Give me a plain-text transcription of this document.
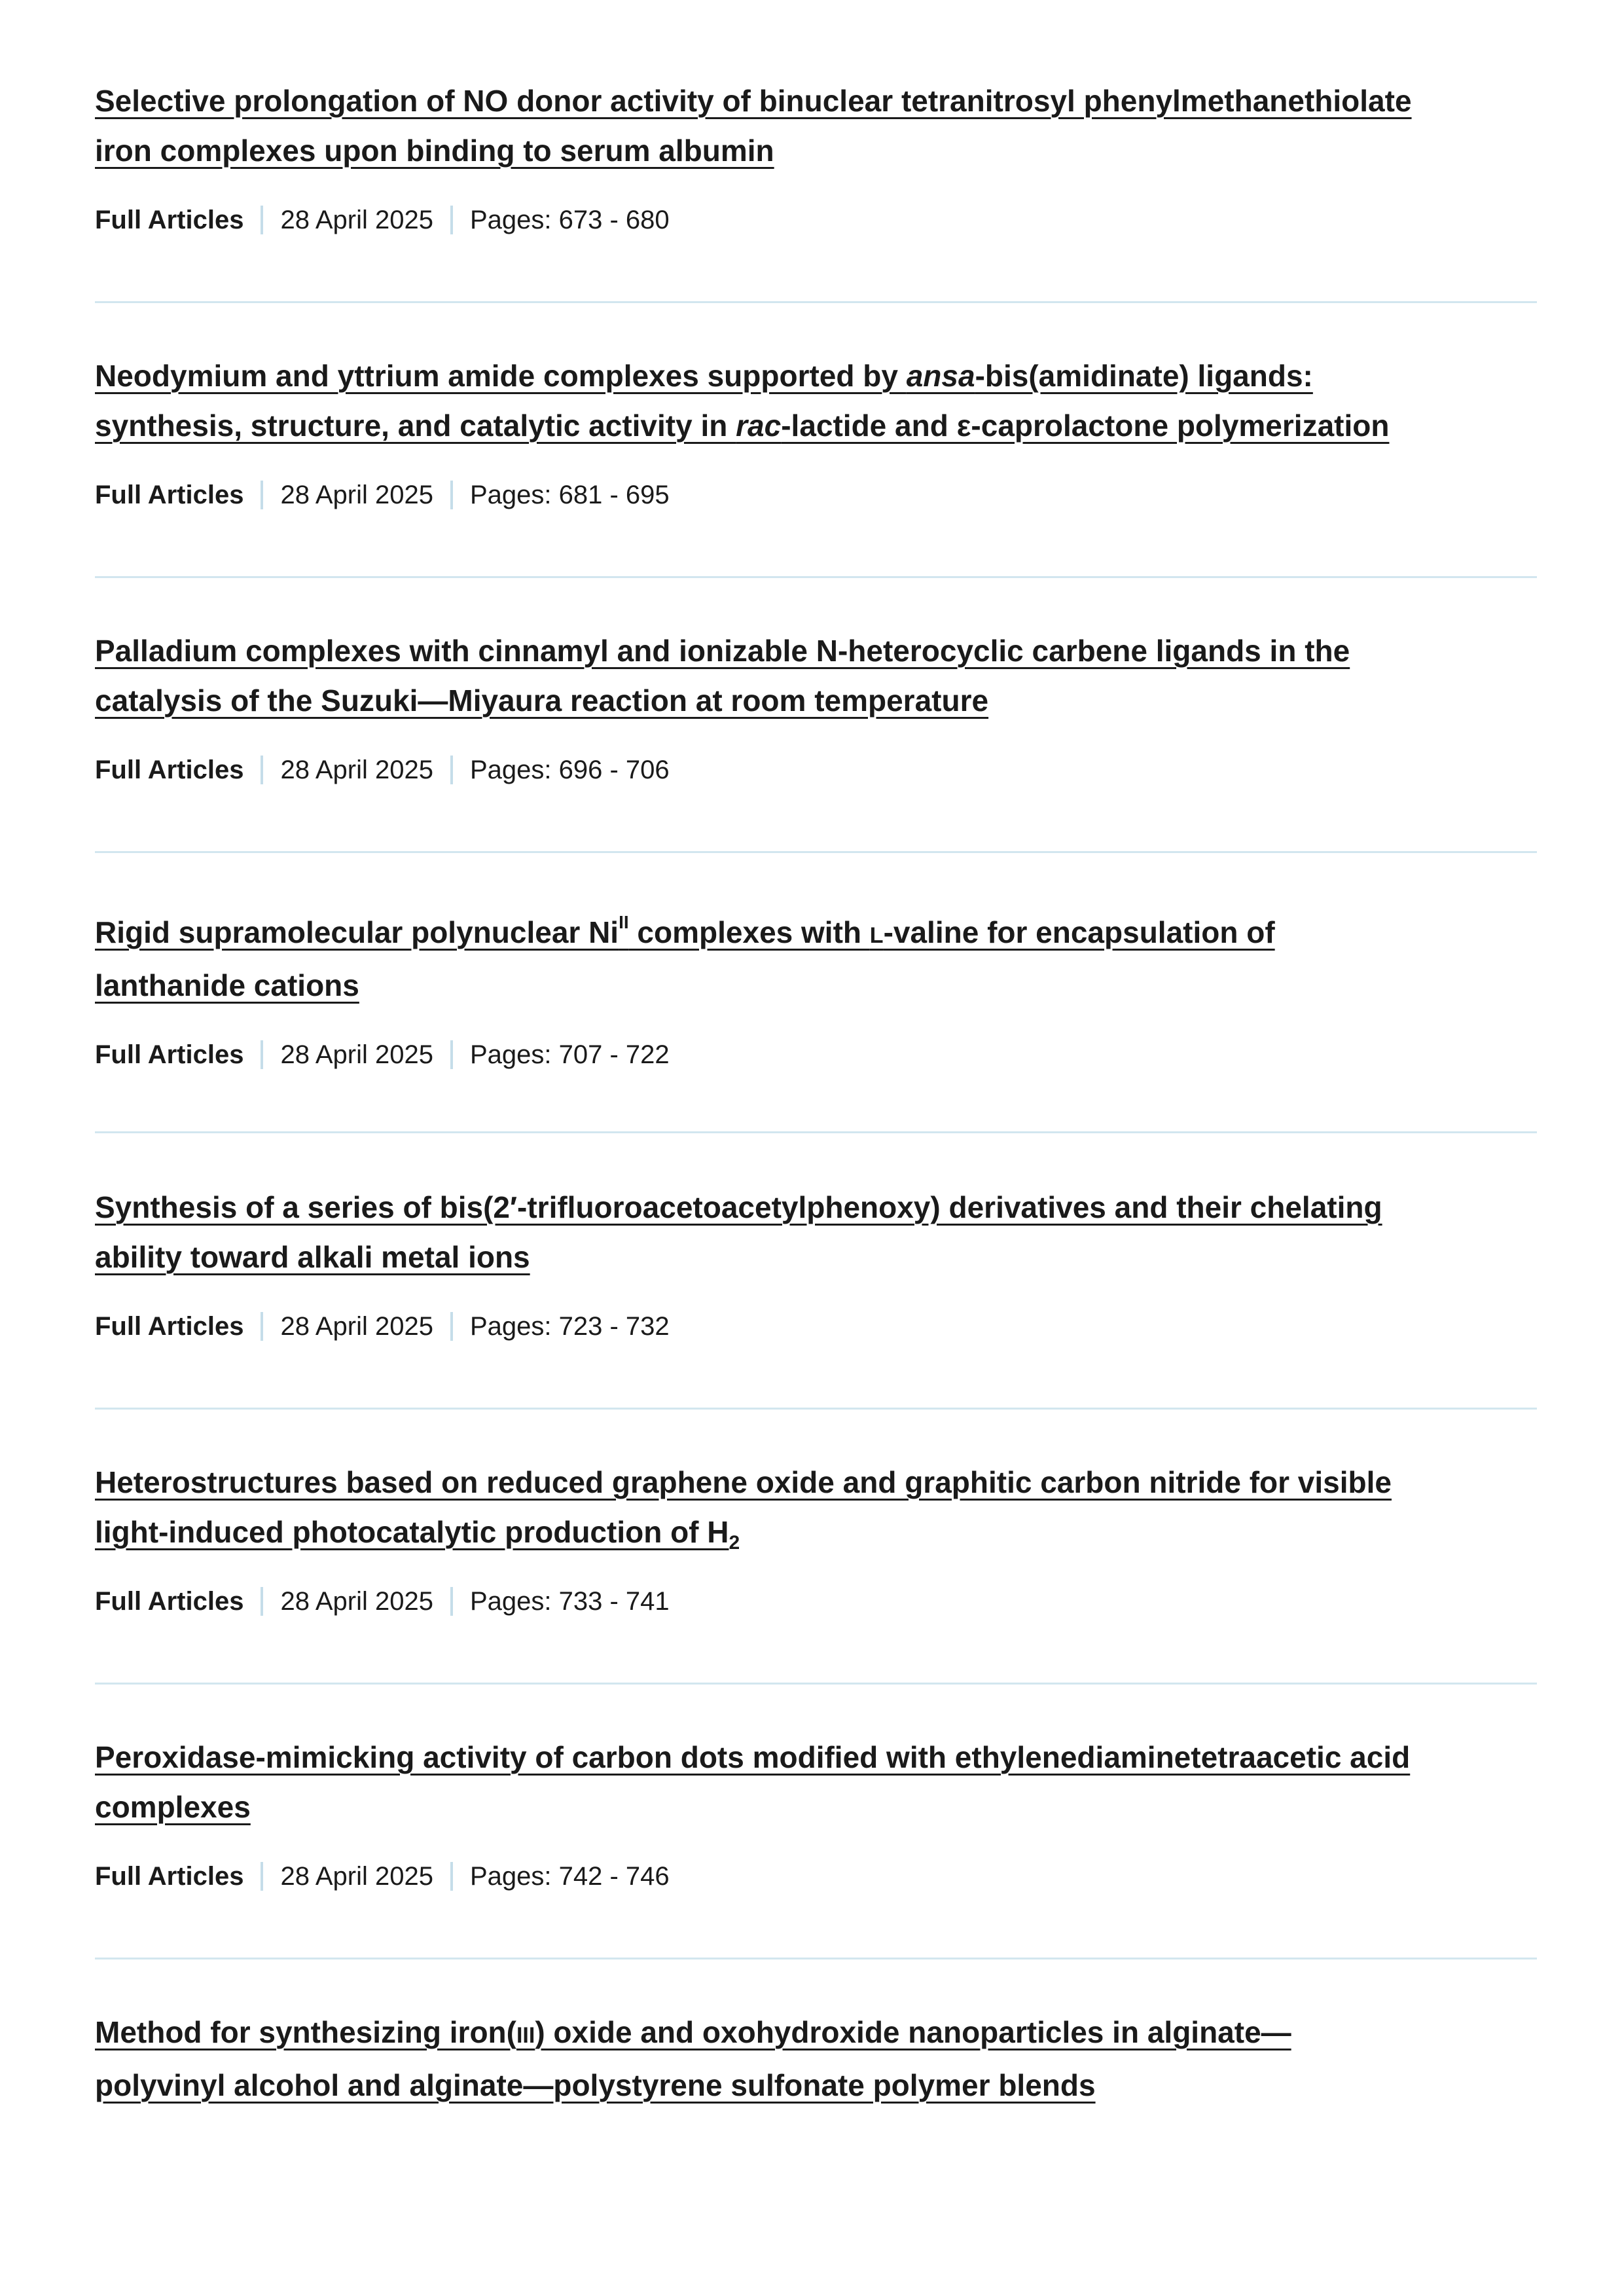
Selective prolongation of NO donor activity of binuclear tetranitrosyl phenylmethanethiolate
iron complexes upon binding to serum albumin
Full Articles 28 April 2025 Pages: 673 - 680
Neodymium and yttrium amide complexes supported by ansa-bis(amidinate) ligands:
synthesis, structure, and catalytic activity in rac-lactide and ε-caprolactone polymerization
Full Articles 28 April 2025 Pages: 681 - 695
Palladium complexes with cinnamyl and ionizable N-heterocyclic carbene ligands in the
catalysis of the Suzuki—Miyaura reaction at room temperature
Full Articles 28 April 2025 Pages: 696 - 706
Rigid supramolecular polynuclear $Ni^{II}$ complexes with L-valine for encapsulation of
lanthanide cations
Full Articles 28 April 2025 Pages: 707 - 722
Synthesis of a series of bis(2′-trifluoroacetoacetylphenoxy) derivatives and their chelating
ability toward alkali metal ions
Full Articles 28 April 2025 Pages: 723 - 732
Heterostructures based on reduced graphene oxide and graphitic carbon nitride for visible
light-induced photocatalytic production of $H_2$
Full Articles 28 April 2025 Pages: 733 - 741
Peroxidase-mimicking activity of carbon dots modified with ethylenediaminetetraacetic acid
complexes
Full Articles 28 April 2025 Pages: 742 - 746
Method for synthesizing iron(III) oxide and oxohydroxide nanoparticles in alginate—
polyvinyl alcohol and alginate—polystyrene sulfonate polymer blends
